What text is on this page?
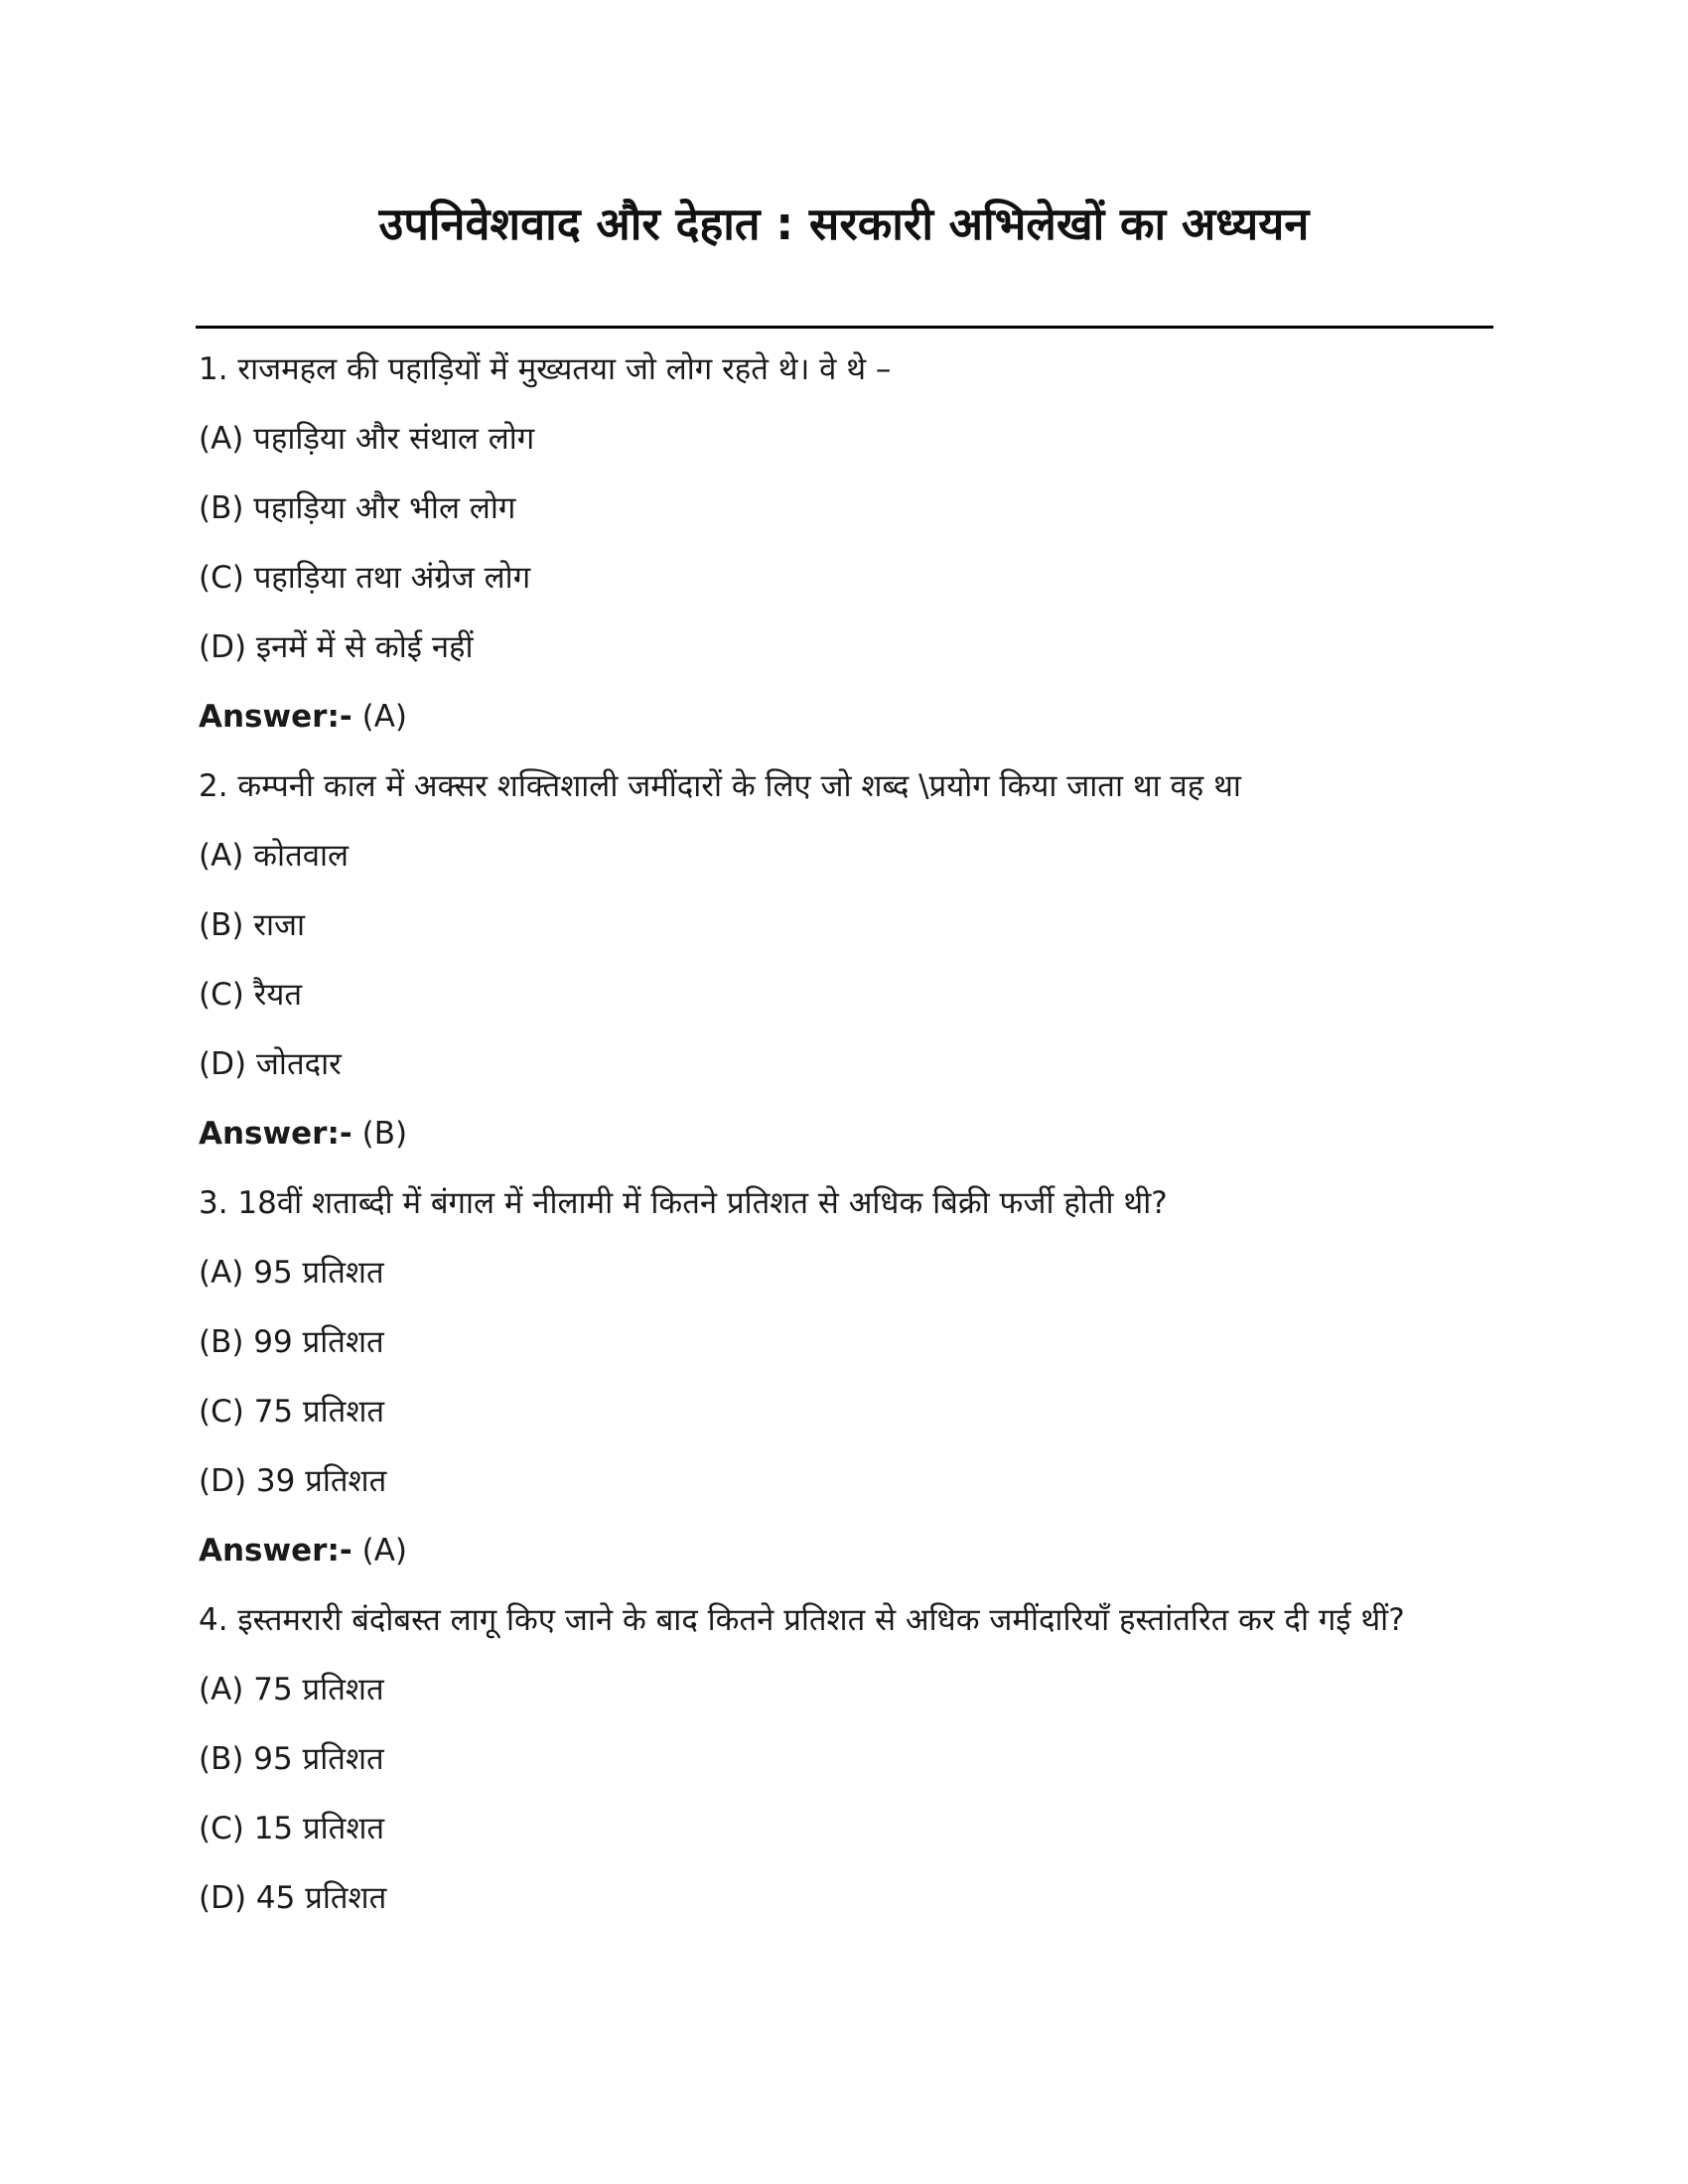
उपनिवेशवाद और देहात : सरकारी अभिलेखों का अध्ययन

1. राजमहल की पहाड़ियों में मुख्यतया जो लोग रहते थे। वे थे –

(A) पहाड़िया और संथाल लोग

(B) पहाड़िया और भील लोग

(C) पहाड़िया तथा अंग्रेज लोग

(D) इनमें में से कोई नहीं

Answer:- (A)

2. कम्पनी काल में अक्सर शक्तिशाली जमींदारों के लिए जो शब्द \प्रयोग किया जाता था वह था

(A) कोतवाल

(B) राजा

(C) रैयत

(D) जोतदार

Answer:- (B)

3. 18वीं शताब्दी में बंगाल में नीलामी में कितने प्रतिशत से अधिक बिक्री फर्जी होती थी?

(A) 95 प्रतिशत

(B) 99 प्रतिशत

(C) 75 प्रतिशत

(D) 39 प्रतिशत

Answer:- (A)

4. इस्तमरारी बंदोबस्त लागू किए जाने के बाद कितने प्रतिशत से अधिक जमींदारियाँ हस्तांतरित कर दी गई थीं?

(A) 75 प्रतिशत

(B) 95 प्रतिशत

(C) 15 प्रतिशत

(D) 45 प्रतिशत
